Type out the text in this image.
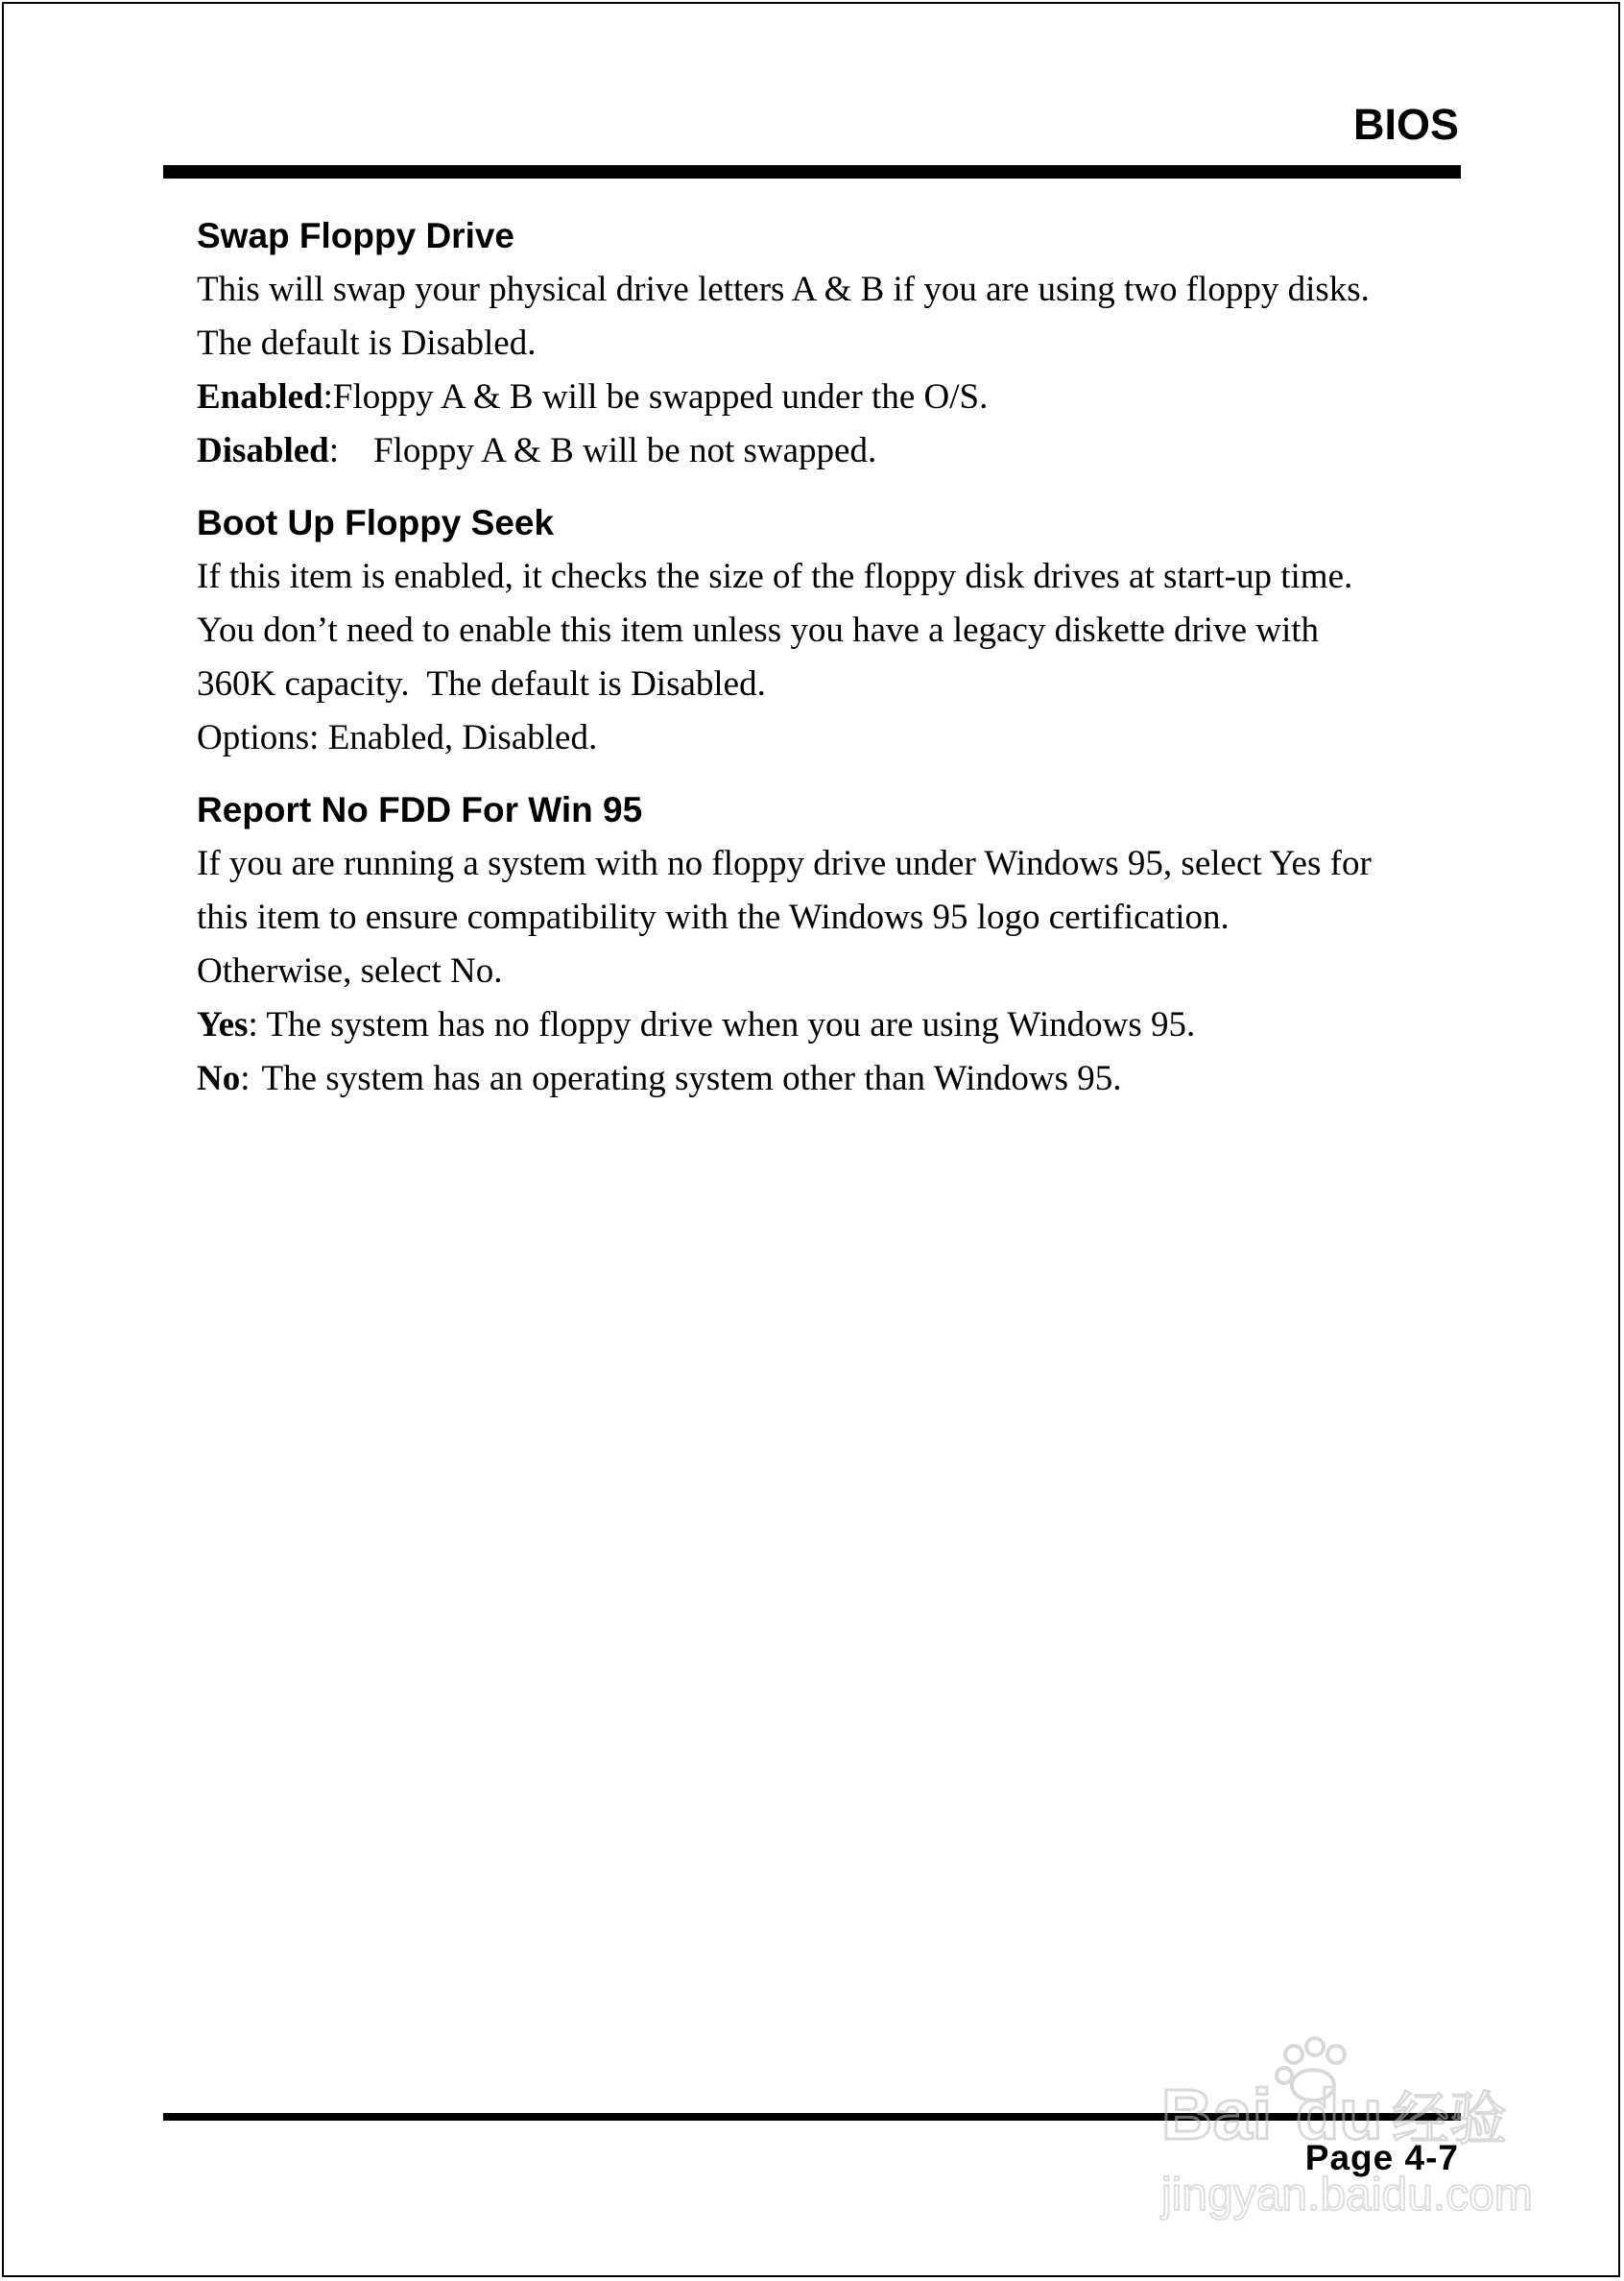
BIOS
Swap Floppy Drive
This will swap your physical drive letters A & B if you are using two floppy disks.
The default is Disabled.
Enabled:Floppy A & B will be swapped under the O/S.
Disabled: Floppy A & B will be not swapped.
Boot Up Floppy Seek
If this item is enabled, it checks the size of the floppy disk drives at start-up time.
You don’t need to enable this item unless you have a legacy diskette drive with
360K capacity.  The default is Disabled.
Options: Enabled, Disabled.
Report No FDD For Win 95
If you are running a system with no floppy drive under Windows 95, select Yes for
this item to ensure compatibility with the Windows 95 logo certification.
Otherwise, select No.
Yes: The system has no floppy drive when you are using Windows 95.
No: The system has an operating system other than Windows 95.
Page 4-7
Bai du 经验
jingyan.baidu.com
